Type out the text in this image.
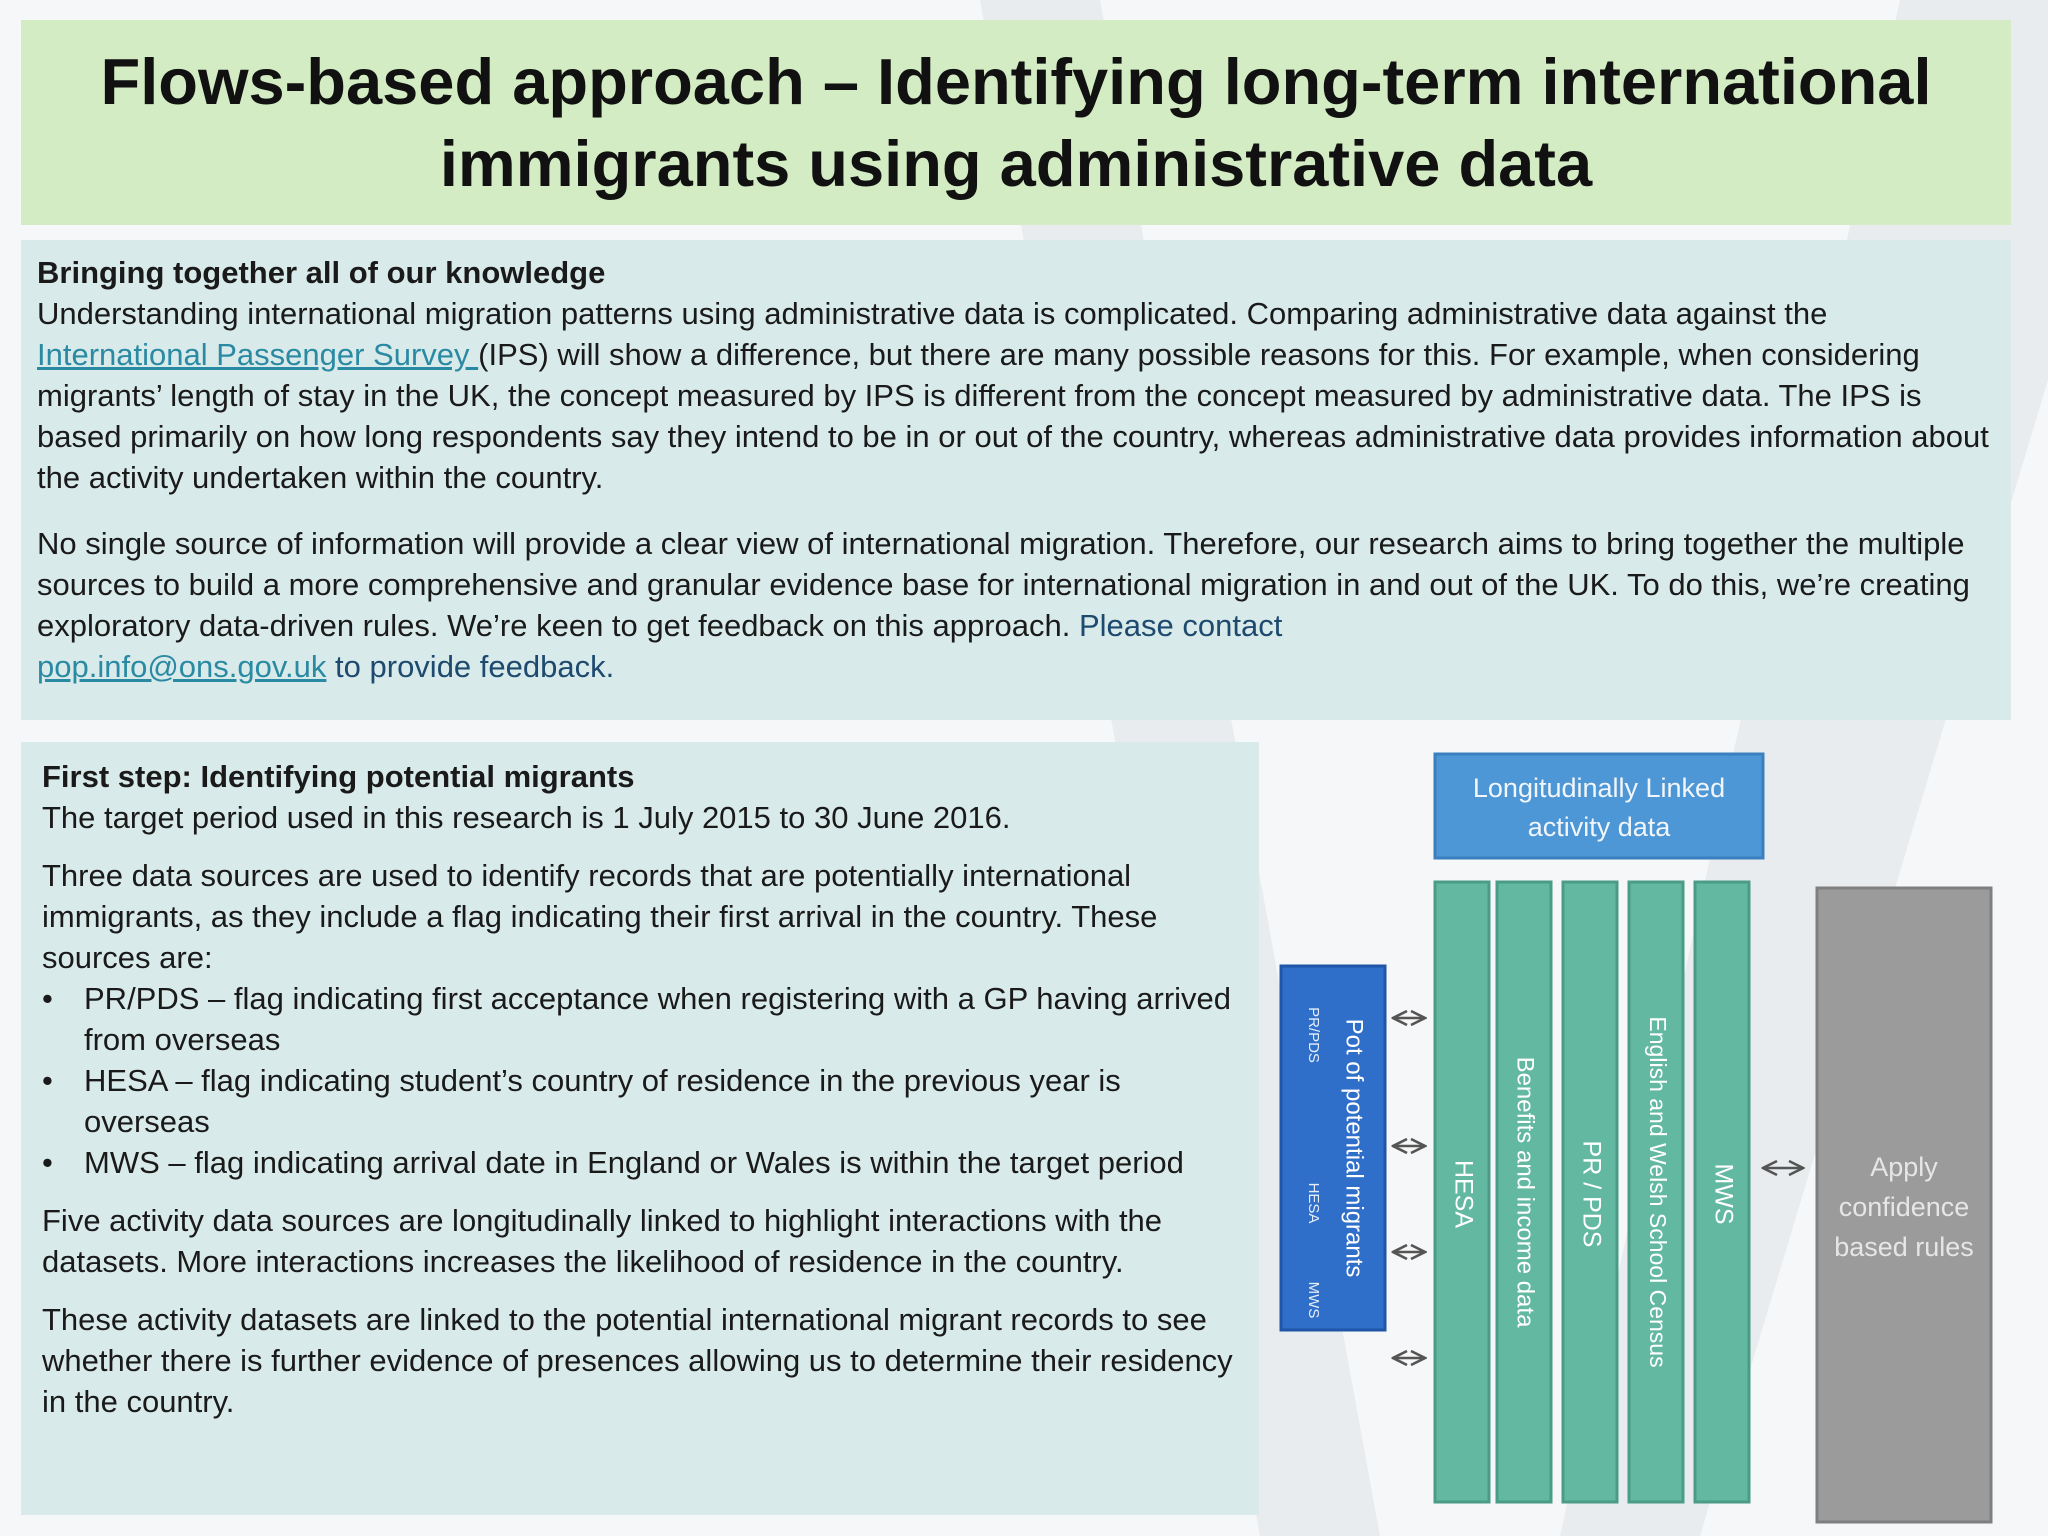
Flows-based approach – Identifying long-term international immigrants using administrative data

Bringing together all of our knowledge
Understanding international migration patterns using administrative data is complicated. Comparing administrative data against the International Passenger Survey (IPS) will show a difference, but there are many possible reasons for this. For example, when considering migrants’ length of stay in the UK, the concept measured by IPS is different from the concept measured by administrative data. The IPS is based primarily on how long respondents say they intend to be in or out of the country, whereas administrative data provides information about the activity undertaken within the country.

No single source of information will provide a clear view of international migration. Therefore, our research aims to bring together the multiple sources to build a more comprehensive and granular evidence base for international migration in and out of the UK. To do this, we’re creating exploratory data-driven rules. We’re keen to get feedback on this approach. Please contact
pop.info@ons.gov.uk to provide feedback.

First step: Identifying potential migrants
The target period used in this research is 1 July 2015 to 30 June 2016.

Three data sources are used to identify records that are potentially international immigrants, as they include a flag indicating their first arrival in the country. These sources are:

• PR/PDS – flag indicating first acceptance when registering with a GP having arrived from overseas
• HESA – flag indicating student’s country of residence in the previous year is overseas
• MWS – flag indicating arrival date in England or Wales is within the target period

Five activity data sources are longitudinally linked to highlight interactions with the datasets. More interactions increases the likelihood of residence in the country.

These activity datasets are linked to the potential international migrant records to see whether there is further evidence of presences allowing us to determine their residency in the country.

Longitudinally Linked
activity data
Pot of potential migrants
PR/PDS
HESA
MWS
HESA Benefits and income data PR / PDS English and Welsh School Census MWS	Apply
confidence
based rules
